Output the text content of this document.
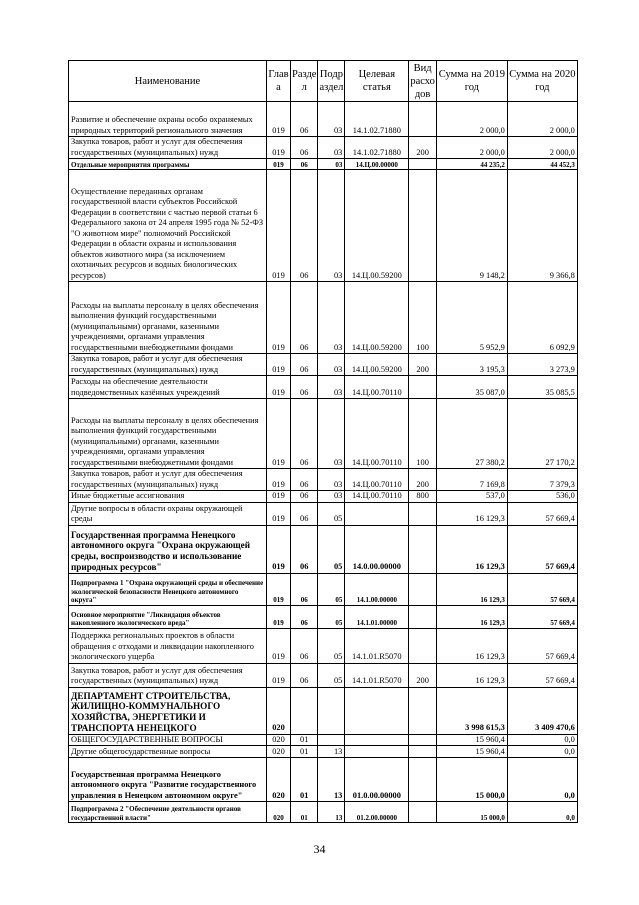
Наименование	Глав а	Разде л	Подр аздел	Целевая статья	Вид расхо дов	Сумма на 2019 год	Сумма на 2020 год
Развитие и обеспечение охраны особо охраняемых природных территорий регионального значения	019	06	03	14.1.02.71880		2 000,0	2 000,0
Закупка товаров, работ и услуг для обеспечения государственных (муниципальных) нужд	019	06	03	14.1.02.71880	200	2 000,0	2 000,0
Отдельные мероприятия программы	019	06	03	14.Ц.00.00000		44 235,2	44 452,3
Осуществление переданных органам государственной власти субъектов Российской Федерации в соответствии с частью первой статьи 6 Федерального закона от 24 апреля 1995 года № 52-ФЗ "О животном мире" полномочий Российской Федерации в области охраны и использования объектов животного мира (за исключением охотничьих ресурсов и водных биологических ресурсов)	019	06	03	14.Ц.00.59200		9 148,2	9 366,8
Расходы на выплаты персоналу в целях обеспечения выполнения функций государственными (муниципальными) органами, казенными учреждениями, органами управления государственными внебюджетными фондами	019	06	03	14.Ц.00.59200	100	5 952,9	6 092,9
Закупка товаров, работ и услуг для обеспечения государственных (муниципальных) нужд	019	06	03	14.Ц.00.59200	200	3 195,3	3 273,9
Расходы на обеспечение деятельности подведомственных казённых учреждений	019	06	03	14.Ц.00.70110		35 087,0	35 085,5
Расходы на выплаты персоналу в целях обеспечения выполнения функций государственными (муниципальными) органами, казенными учреждениями, органами управления государственными внебюджетными фондами	019	06	03	14.Ц.00.70110	100	27 380,2	27 170,2
Закупка товаров, работ и услуг для обеспечения государственных (муниципальных) нужд	019	06	03	14.Ц.00.70110	200	7 169,8	7 379,3
Иные бюджетные ассигнования	019	06	03	14.Ц.00.70110	800	537,0	536,0
Другие вопросы в области охраны окружающей среды	019	06	05			16 129,3	57 669,4
Государственная программа Ненецкого автономного округа "Охрана окружающей среды, воспроизводство и использование природных ресурсов"	019	06	05	14.0.00.00000		16 129,3	57 669,4
Подпрограмма 1 "Охрана окружающей среды и обеспечение экологической безопасности Ненецкого автономного округа"	019	06	05	14.1.00.00000		16 129,3	57 669,4
Основное мероприятие "Ликвидация объектов накопленного экологического вреда"	019	06	05	14.1.01.00000		16 129,3	57 669,4
Поддержка региональных проектов в области обращения с отходами и ликвидации накопленного экологического ущерба	019	06	05	14.1.01.R5070		16 129,3	57 669,4
Закупка товаров, работ и услуг для обеспечения государственных (муниципальных) нужд	019	06	05	14.1.01.R5070	200	16 129,3	57 669,4
ДЕПАРТАМЕНТ СТРОИТЕЛЬСТВА, ЖИЛИЩНО-КОММУНАЛЬНОГО ХОЗЯЙСТВА, ЭНЕРГЕТИКИ И ТРАНСПОРТА НЕНЕЦКОГО	020					3 998 615,3	3 409 470,6
ОБЩЕГОСУДАРСТВЕННЫЕ ВОПРОСЫ	020	01				15 960,4	0,0
Другие общегосударственные вопросы	020	01	13			15 960,4	0,0
Государственная программа Ненецкого автономного округа "Развитие государственного управления в Ненецком автономном округе"	020	01	13	01.0.00.00000		15 000,0	0,0
Подпрограмма 2 "Обеспечение деятельности органов государственной власти"	020	01	13	01.2.00.00000		15 000,0	0,0
34
